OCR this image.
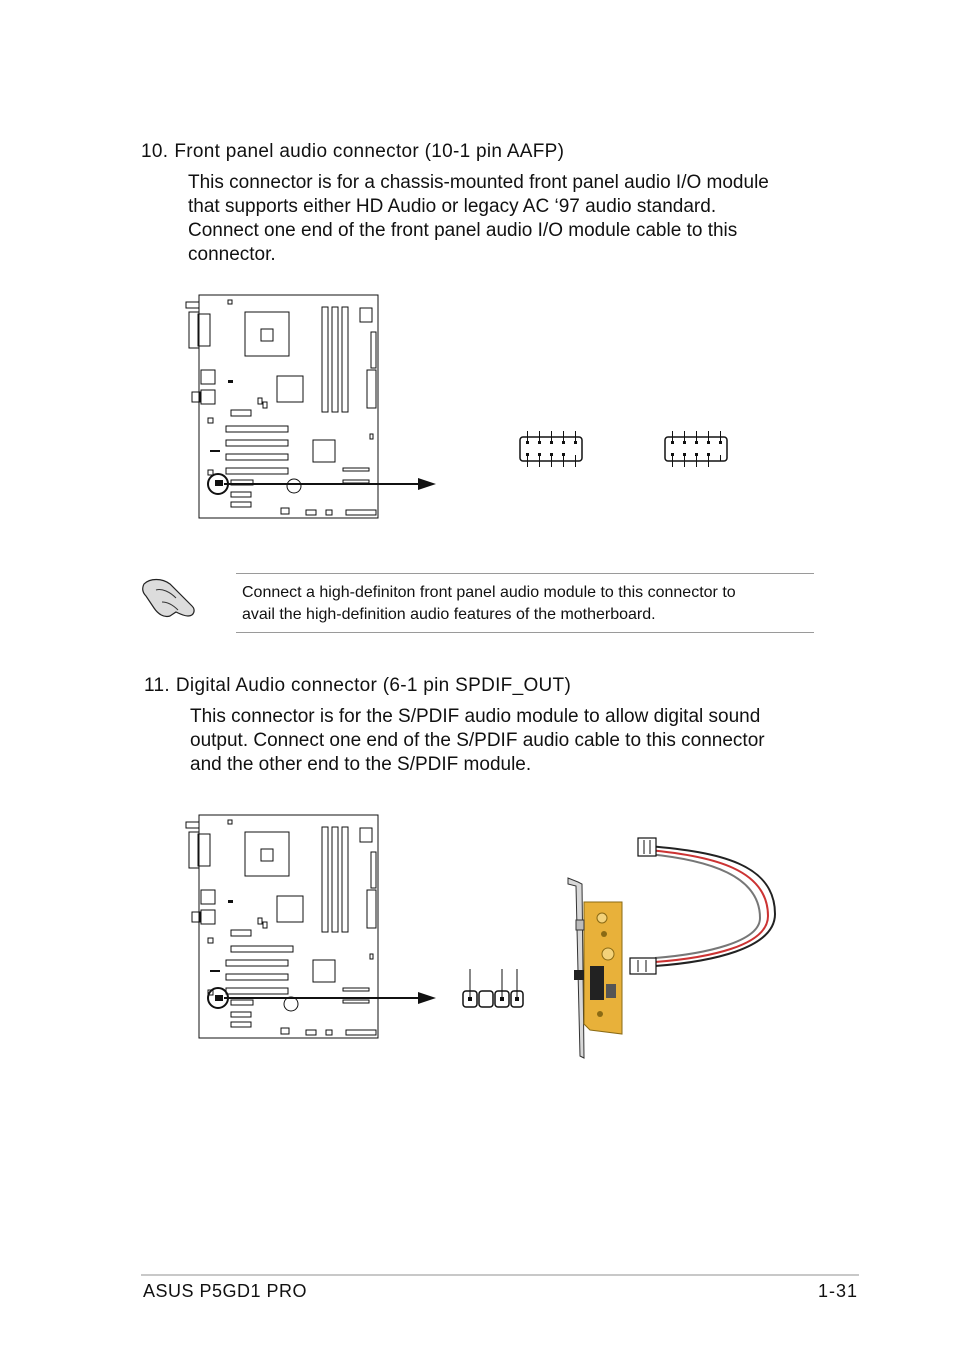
10. Front panel audio connector (10-1 pin AAFP)
This connector is for a chassis-mounted front panel audio I/O module
that supports either HD Audio or legacy AC ‘97 audio standard.
Connect one end of the front panel audio I/O module cable to this
connector.
Connect a high-definiton front panel audio module to this connector to
avail the high-definition audio features of the motherboard.
11. Digital Audio connector (6-1 pin SPDIF_OUT)
This connector is for the S/PDIF audio module to allow digital sound
output. Connect one end of the S/PDIF audio cable to this connector
and the other end to the S/PDIF module.
ASUS P5GD1 PRO	1-31
